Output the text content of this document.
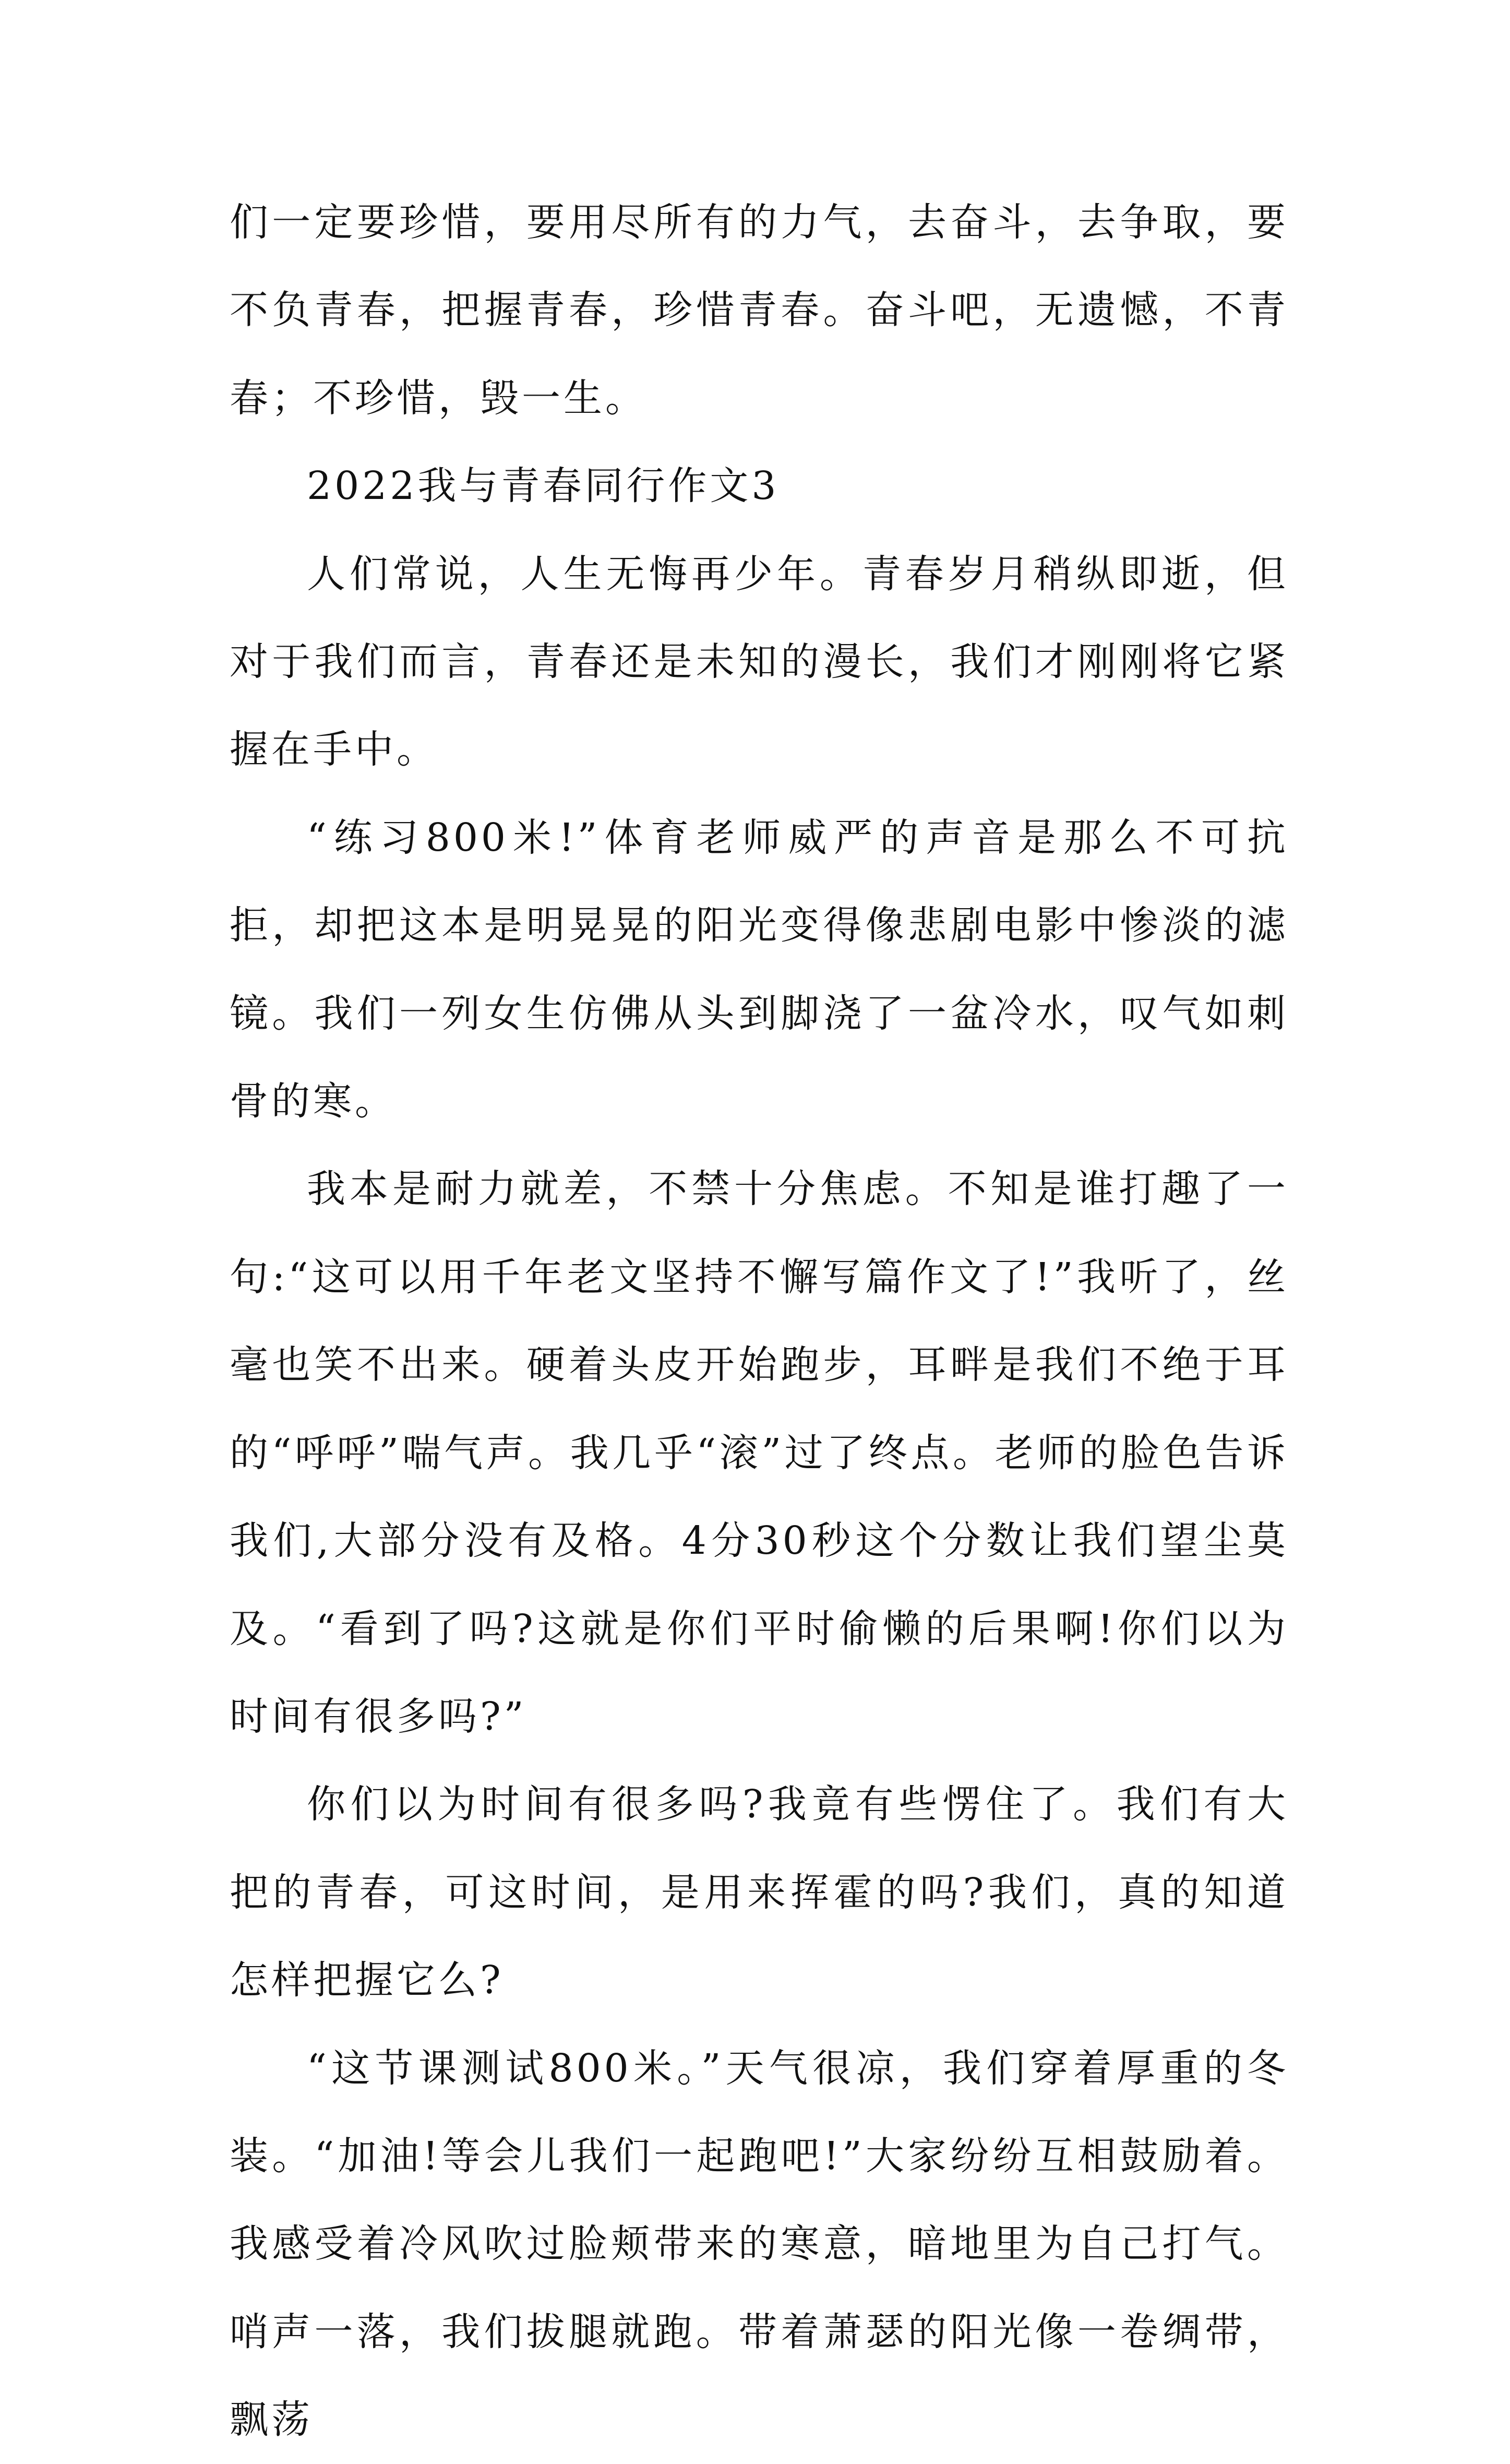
们一定要珍惜，要用尽所有的力气，去奋斗，去争取，要不负青春，把握青春，珍惜青春。奋斗吧，无遗憾，不青春；不珍惜，毁一生。

2022我与青春同行作文3

人们常说，人生无悔再少年。青春岁月稍纵即逝，但对于我们而言，青春还是未知的漫长，我们才刚刚将它紧握在手中。

“练习800米!”体育老师威严的声音是那么不可抗拒，却把这本是明晃晃的阳光变得像悲剧电影中惨淡的滤镜。我们一列女生仿佛从头到脚浇了一盆冷水，叹气如刺骨的寒。

我本是耐力就差，不禁十分焦虑。不知是谁打趣了一句:“这可以用千年老文坚持不懈写篇作文了!”我听了，丝毫也笑不出来。硬着头皮开始跑步，耳畔是我们不绝于耳的“呼呼”喘气声。我几乎“滚”过了终点。老师的脸色告诉我们,大部分没有及格。4分30秒这个分数让我们望尘莫及。“看到了吗?这就是你们平时偷懒的后果啊!你们以为时间有很多吗?”

你们以为时间有很多吗?我竟有些愣住了。我们有大把的青春，可这时间，是用来挥霍的吗?我们，真的知道怎样把握它么?

“这节课测试800米。”天气很凉，我们穿着厚重的冬装。“加油!等会儿我们一起跑吧!”大家纷纷互相鼓励着。我感受着冷风吹过脸颊带来的寒意，暗地里为自己打气。哨声一落，我们拔腿就跑。带着萧瑟的阳光像一卷绸带，飘荡
